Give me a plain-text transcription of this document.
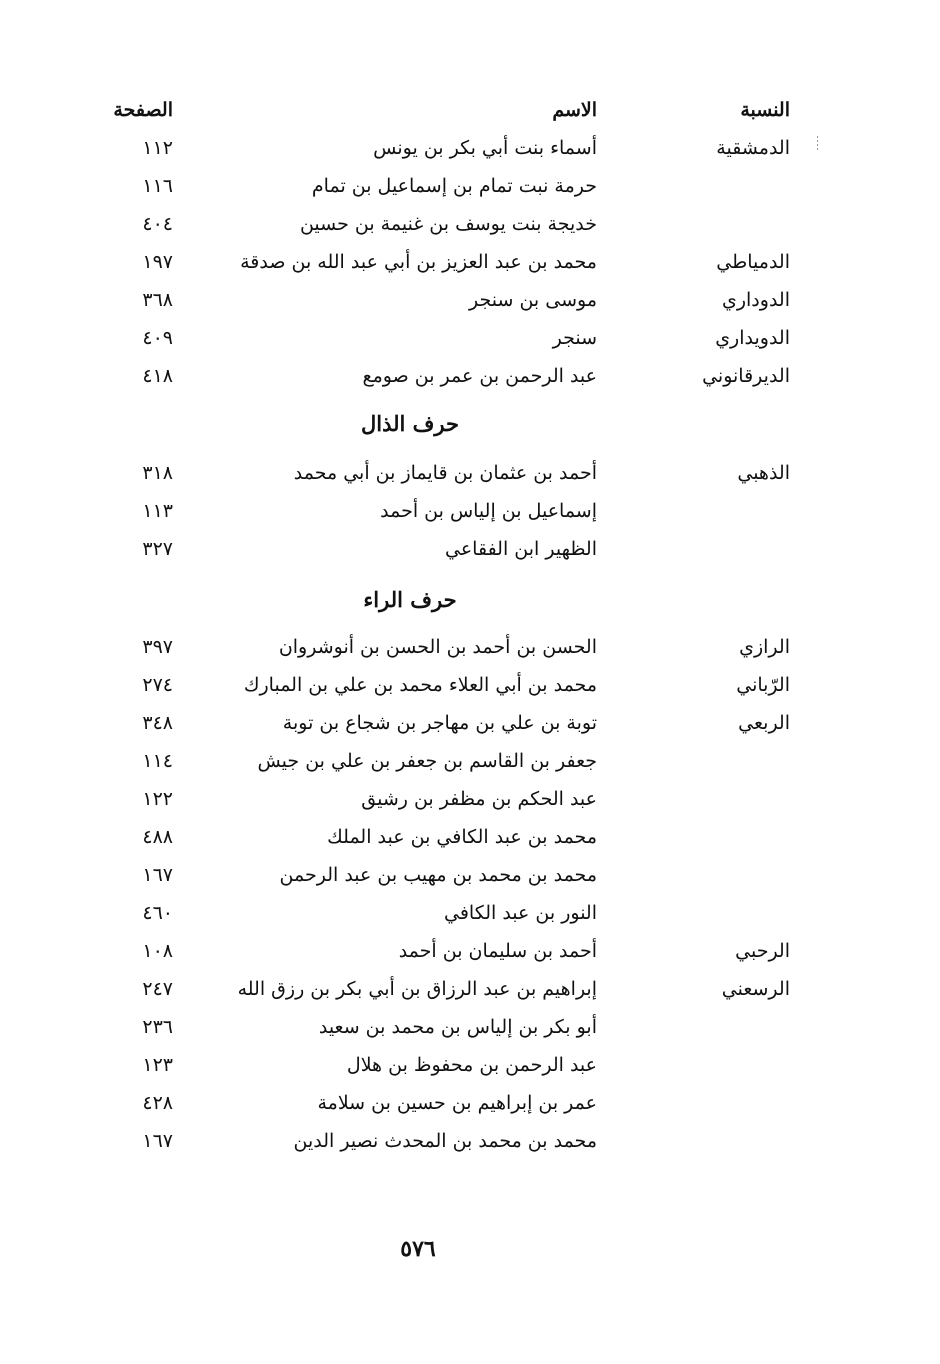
النسبة
الاسم
الصفحة
الدمشقية
أسماء بنت أبي بكر بن يونس
١١٢
حرمة نبت تمام بن إسماعيل بن تمام
١١٦
خديجة بنت يوسف بن غنيمة بن حسين
٤٠٤
الدمياطي
محمد بن عبد العزيز بن أبي عبد الله بن صدقة
١٩٧
الدوداري
موسى بن سنجر
٣٦٨
الدويداري
سنجر
٤٠٩
الديرقانوني
عبد الرحمن بن عمر بن صومع
٤١٨
حرف الذال
الذهبي
أحمد بن عثمان بن قايماز بن أبي محمد
٣١٨
إسماعيل بن إلياس بن أحمد
١١٣
الظهير ابن الفقاعي
٣٢٧
حرف الراء
الرازي
الحسن بن أحمد بن الحسن بن أنوشروان
٣٩٧
الرّباني
محمد بن أبي العلاء محمد بن علي بن المبارك
٢٧٤
الربعي
توبة بن علي بن مهاجر بن شجاع بن توبة
٣٤٨
جعفر بن القاسم بن جعفر بن علي بن جيش
١١٤
عبد الحكم بن مظفر بن رشيق
١٢٢
محمد بن عبد الكافي بن عبد الملك
٤٨٨
محمد بن محمد بن مهيب بن عبد الرحمن
١٦٧
النور بن عبد الكافي
٤٦٠
الرحبي
أحمد بن سليمان بن أحمد
١٠٨
الرسعني
إبراهيم بن عبد الرزاق بن أبي بكر بن رزق الله
٢٤٧
أبو بكر بن إلياس بن محمد بن سعيد
٢٣٦
عبد الرحمن بن محفوظ بن هلال
١٢٣
عمر بن إبراهيم بن حسين بن سلامة
٤٢٨
محمد بن محمد بن المحدث نصير الدين
١٦٧
٥٧٦
